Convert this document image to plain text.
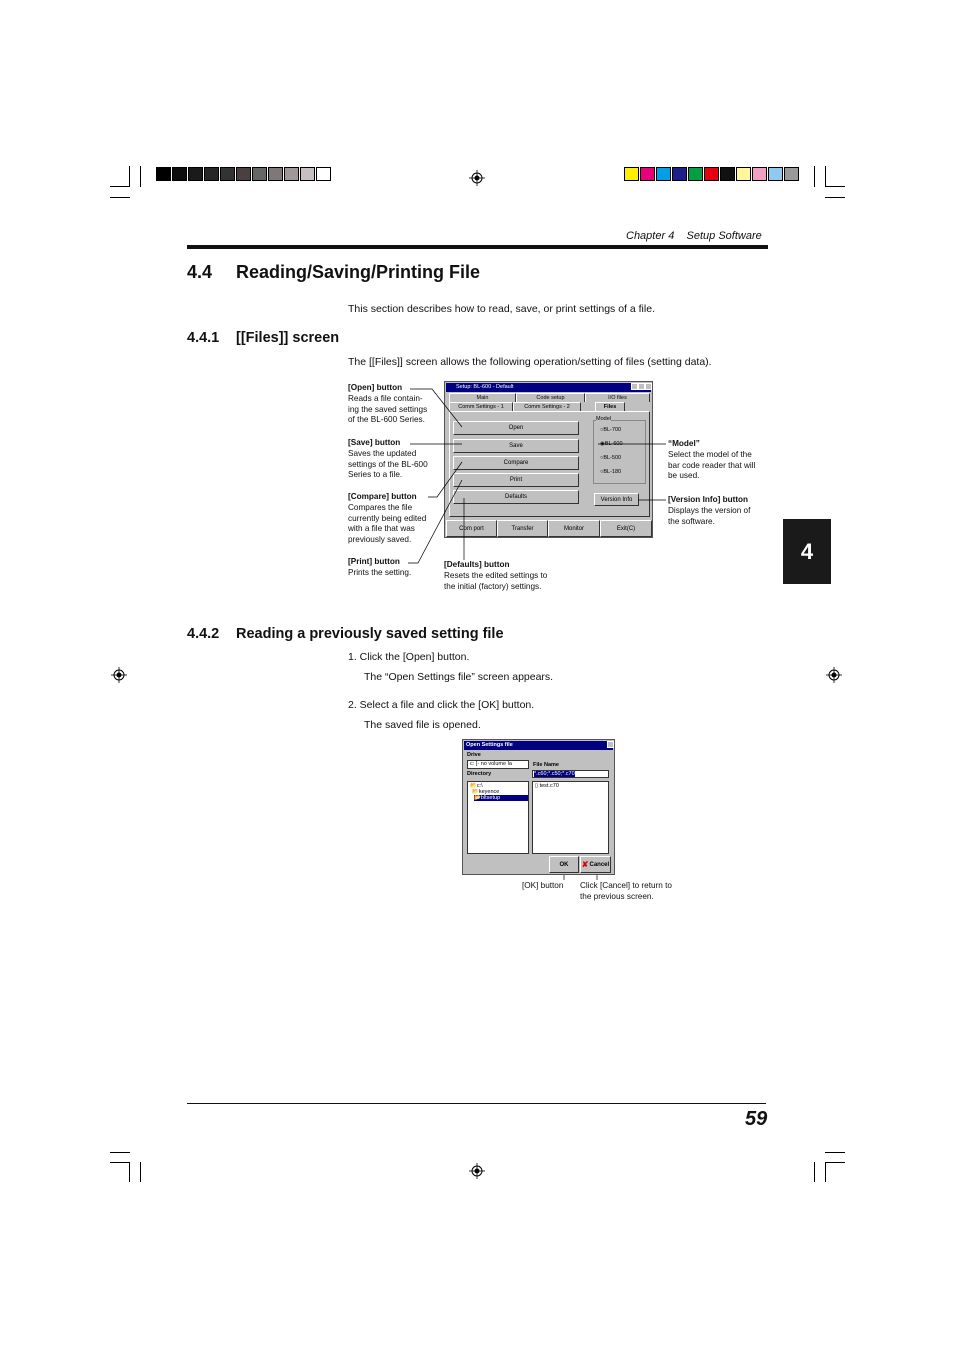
Chapter 4 Setup Software
4.4 Reading/Saving/Printing File
This section describes how to read, save, or print settings of a file.
4.4.1 [[Files]] screen
The [[Files]] screen allows the following operation/setting of files (setting data).
Setup: BL-600 - Default
Main	Code setup	I/O files
Comm Settings - 1	Comm Settings - 2	Files
Open
Save
Compare
Print
Defaults
Model
○BL-700
◉BL-600
○BL-500
○BL-180
Version Info
Com port	Transfer	Monitor	Exit(C)
[Open] button
Reads a file contain-
ing the saved settings
of the BL-600 Series.
[Save] button
Saves the updated
settings of the BL-600
Series to a file.
[Compare] button
Compares the file
currently being edited
with a file that was
previously saved.
[Print] button
Prints the setting.
[Defaults] button
Resets the edited settings to
the initial (factory) settings.
“Model”
Select the model of the
bar code reader that will
be used.
[Version Info] button
Displays the version of
the software.
4.4.2 Reading a previously saved setting file
1. Click the [Open] button.
The “Open Settings file” screen appears.
2. Select a file and click the [OK] button.
The saved file is opened.
Open Settings file
Drive
c: [- no volume la
Directory
📂c:\
📂keyence
📂bltsetup
File Name
*.c60;*.c50;*.c70
▯ test.c70
OK	✘ Cancel
[OK] button Click [Cancel] to return to
the previous screen.
4
59
